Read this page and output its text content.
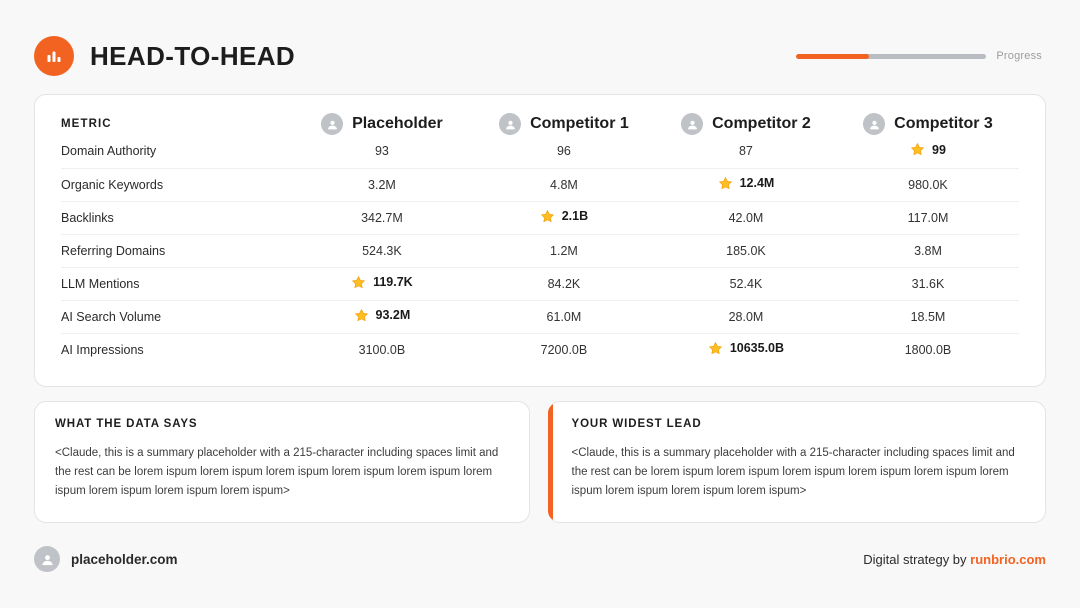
HEAD-TO-HEAD	Progress
METRIC	Placeholder	Competitor 1	Competitor 2	Competitor 3

Domain Authority	93	96	87	99

Organic Keywords	3.2M	4.8M	12.4M	980.0K

Backlinks	342.7M	2.1B	42.0M	117.0M

Referring Domains	524.3K	1.2M	185.0K	3.8M

LLM Mentions	119.7K	84.2K	52.4K	31.6K

AI Search Volume	93.2M	61.0M	28.0M	18.5M

AI Impressions	3100.0B	7200.0B	10635.0B	1800.0B
WHAT THE DATA SAYS
<Claude, this is a summary placeholder with a 215-character including spaces limit and the rest can be lorem ispum lorem ispum lorem ispum lorem ispum lorem ispum lorem ispum lorem ispum lorem ispum lorem ispum>
YOUR WIDEST LEAD
<Claude, this is a summary placeholder with a 215-character including spaces limit and the rest can be lorem ispum lorem ispum lorem ispum lorem ispum lorem ispum lorem ispum lorem ispum lorem ispum lorem ispum>
placeholder.com	Digital strategy by runbrio.com
